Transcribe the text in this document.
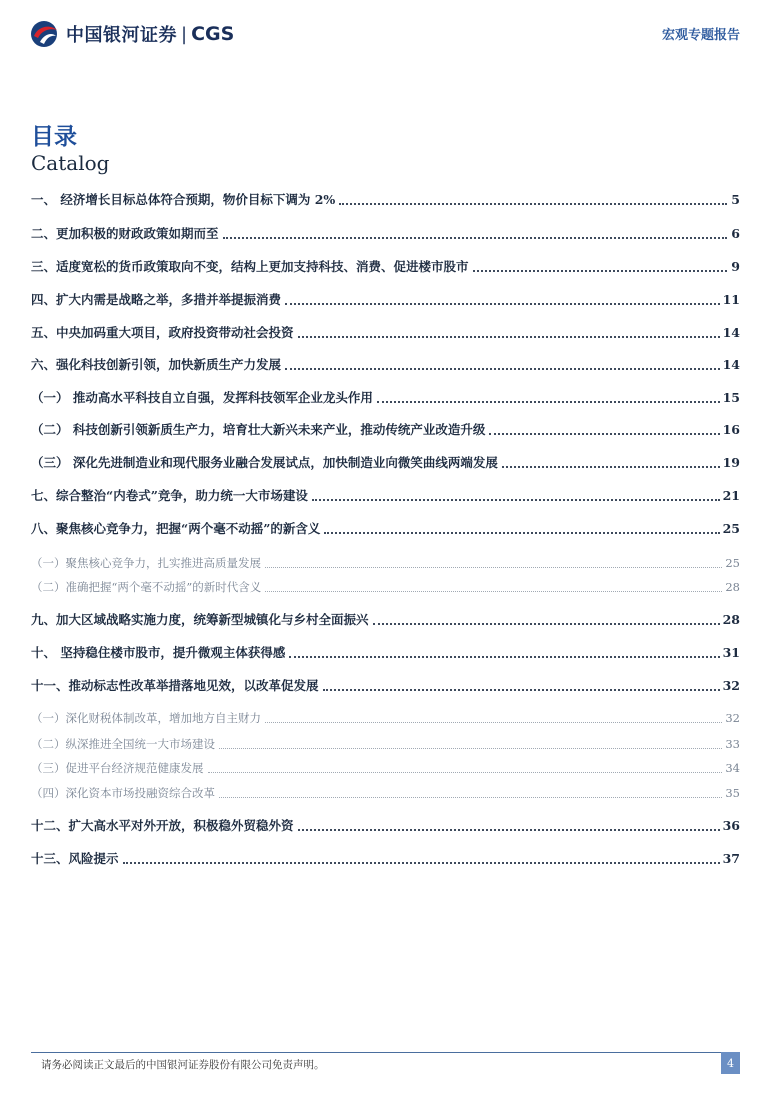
中国银河证券 | CGS	宏观专题报告
目录
Catalog
一、 经济增长目标总体符合预期，物价目标下调为 2%	5
二、更加积极的财政政策如期而至	6
三、适度宽松的货币政策取向不变，结构上更加支持科技、消费、促进楼市股市	9
四、扩大内需是战略之举，多措并举提振消费	11
五、中央加码重大项目，政府投资带动社会投资	14
六、强化科技创新引领，加快新质生产力发展	14
（一） 推动高水平科技自立自强，发挥科技领军企业龙头作用	15
（二） 科技创新引领新质生产力，培育壮大新兴未来产业，推动传统产业改造升级	16
（三） 深化先进制造业和现代服务业融合发展试点，加快制造业向微笑曲线两端发展	19
七、综合整治“内卷式”竞争，助力统一大市场建设	21
八、聚焦核心竞争力，把握“两个毫不动摇”的新含义	25
（一）聚焦核心竞争力，扎实推进高质量发展	25
（二）准确把握“两个毫不动摇”的新时代含义	28
九、加大区域战略实施力度，统筹新型城镇化与乡村全面振兴	28
十、 坚持稳住楼市股市，提升微观主体获得感	31
十一、推动标志性改革举措落地见效，以改革促发展	32
（一）深化财税体制改革，增加地方自主财力	32
（二）纵深推进全国统一大市场建设	33
（三）促进平台经济规范健康发展	34
（四）深化资本市场投融资综合改革	35
十二、扩大高水平对外开放，积极稳外贸稳外资	36
十三、风险提示	37
请务必阅读正文最后的中国银河证券股份有限公司免责声明。	4
